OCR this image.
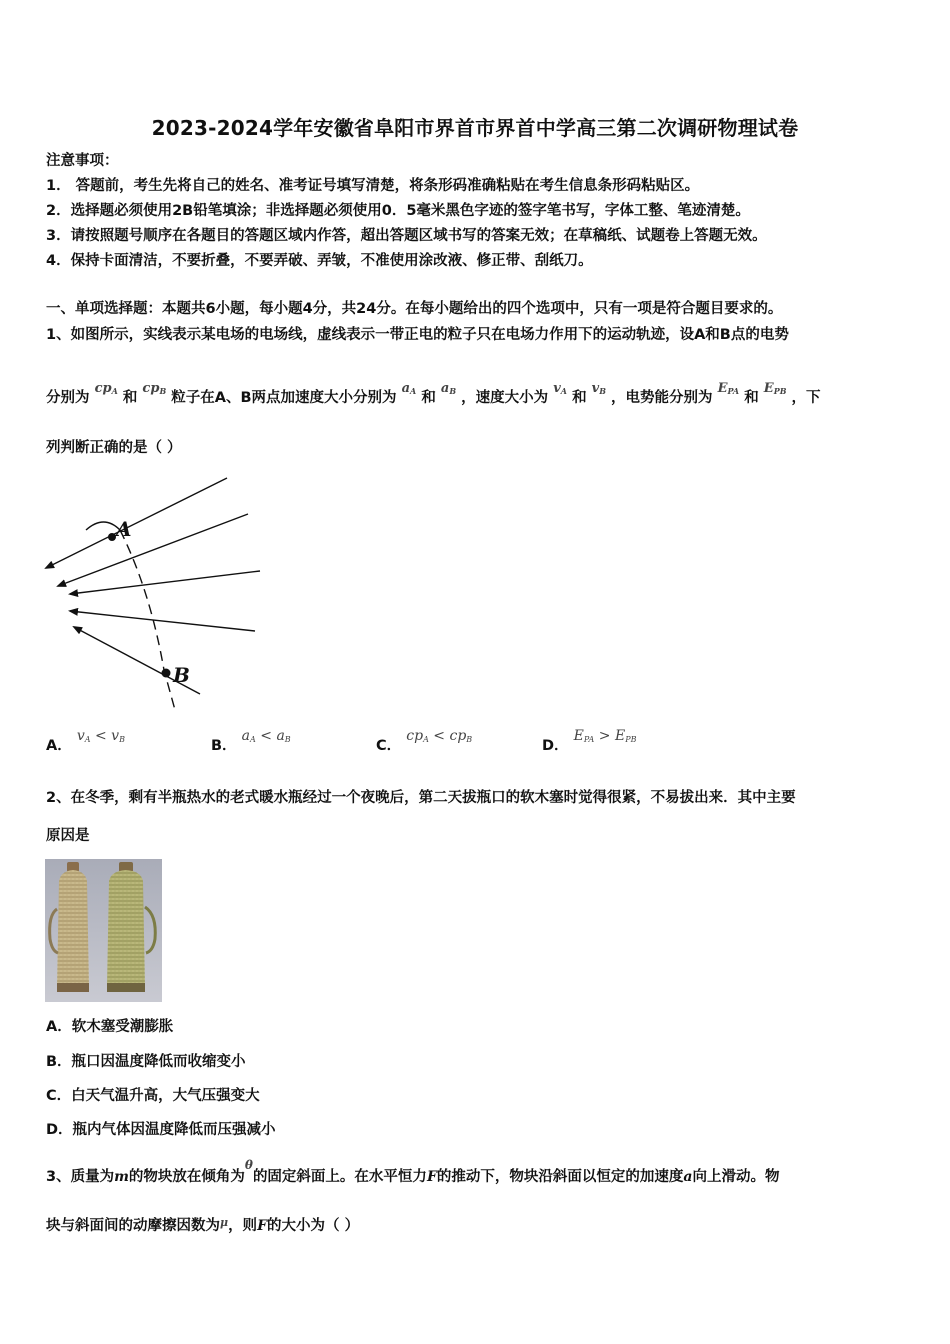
2023-2024学年安徽省阜阳市界首市界首中学高三第二次调研物理试卷
注意事项：
1． 答题前，考生先将自己的姓名、准考证号填写清楚，将条形码准确粘贴在考生信息条形码粘贴区。
2．选择题必须使用2B铅笔填涂；非选择题必须使用0．5毫米黑色字迹的签字笔书写，字体工整、笔迹清楚。
3．请按照题号顺序在各题目的答题区域内作答，超出答题区域书写的答案无效；在草稿纸、试题卷上答题无效。
4．保持卡面清洁，不要折叠，不要弄破、弄皱，不准使用涂改液、修正带、刮纸刀。
一、单项选择题：本题共6小题，每小题4分，共24分。在每小题给出的四个选项中，只有一项是符合题目要求的。
1、如图所示，实线表示某电场的电场线，虚线表示一带正电的粒子只在电场力作用下的运动轨迹，设A和B点的电势
分别为 $cp_A$ 和 $cp_B$ 粒子在A、B两点加速度大小分别为 $a_A$ 和 $a_B$ ，速度大小为 $v_A$ 和 $v_B$ ，电势能分别为 $E_{PA}$ 和 $E_{PB}$ ，下
列判断正确的是（ ）
A
B
A． $v_A < v_B$	B． $a_A < a_B$	C． $cp_A < cp_B$	D． $E_{PA} > E_{PB}$
2、在冬季，剩有半瓶热水的老式暖水瓶经过一个夜晚后，第二天拔瓶口的软木塞时觉得很紧，不易拔出来．其中主要
原因是
A．软木塞受潮膨胀
B．瓶口因温度降低而收缩变小
C．白天气温升高，大气压强变大
D．瓶内气体因温度降低而压强减小
3、质量为m的物块放在倾角为$^\theta$的固定斜面上。在水平恒力F的推动下，物块沿斜面以恒定的加速度a向上滑动。物
块与斜面间的动摩擦因数为$^\mu$，则F的大小为（ ）
